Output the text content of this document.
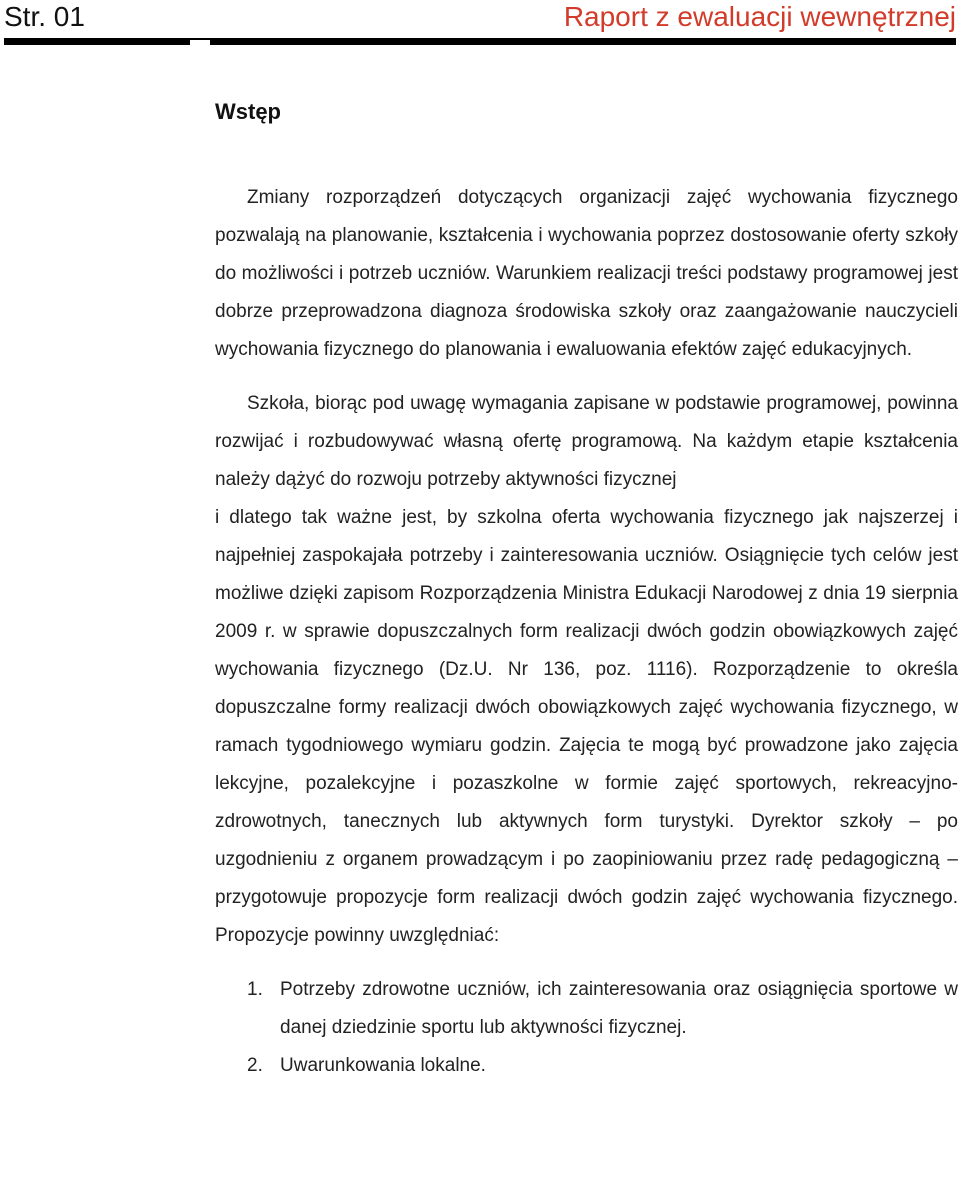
Str. 01	Raport z ewaluacji wewnętrznej
Wstęp

Zmiany rozporządzeń dotyczących organizacji zajęć wychowania fizycznego pozwalają na planowanie, kształcenia i wychowania poprzez dostosowanie oferty szkoły do możliwości i potrzeb uczniów. Warunkiem realizacji treści podstawy programowej jest dobrze przeprowadzona diagnoza środowiska szkoły oraz zaangażowanie nauczycieli wychowania fizycznego do planowania i ewaluowania efektów zajęć edukacyjnych.

Szkoła, biorąc pod uwagę wymagania zapisane w podstawie programowej, powinna rozwijać i rozbudowywać własną ofertę programową. Na każdym etapie kształcenia należy dążyć do rozwoju potrzeby aktywności fizycznej

i dlatego tak ważne jest, by szkolna oferta wychowania fizycznego jak najszerzej i najpełniej zaspokajała potrzeby i zainteresowania uczniów. Osiągnięcie tych celów jest możliwe dzięki zapisom Rozporządzenia Ministra Edukacji Narodowej z dnia 19 sierpnia 2009 r. w sprawie dopuszczalnych form realizacji dwóch godzin obowiązkowych zajęć wychowania fizycznego (Dz.U. Nr 136, poz. 1116). Rozporządzenie to określa dopuszczalne formy realizacji dwóch obowiązkowych zajęć wychowania fizycznego, w ramach tygodniowego wymiaru godzin. Zajęcia te mogą być prowadzone jako zajęcia lekcyjne, pozalekcyjne i pozaszkolne w formie zajęć sportowych, rekreacyjno-zdrowotnych, tanecznych lub aktywnych form turystyki. Dyrektor szkoły – po uzgodnieniu z organem prowadzącym i po zaopiniowaniu przez radę pedagogiczną – przygotowuje propozycje form realizacji dwóch godzin zajęć wychowania fizycznego. Propozycje powinny uwzględniać:

1. Potrzeby zdrowotne uczniów, ich zainteresowania oraz osiągnięcia sportowe w danej dziedzinie sportu lub aktywności fizycznej.
2. Uwarunkowania lokalne.
